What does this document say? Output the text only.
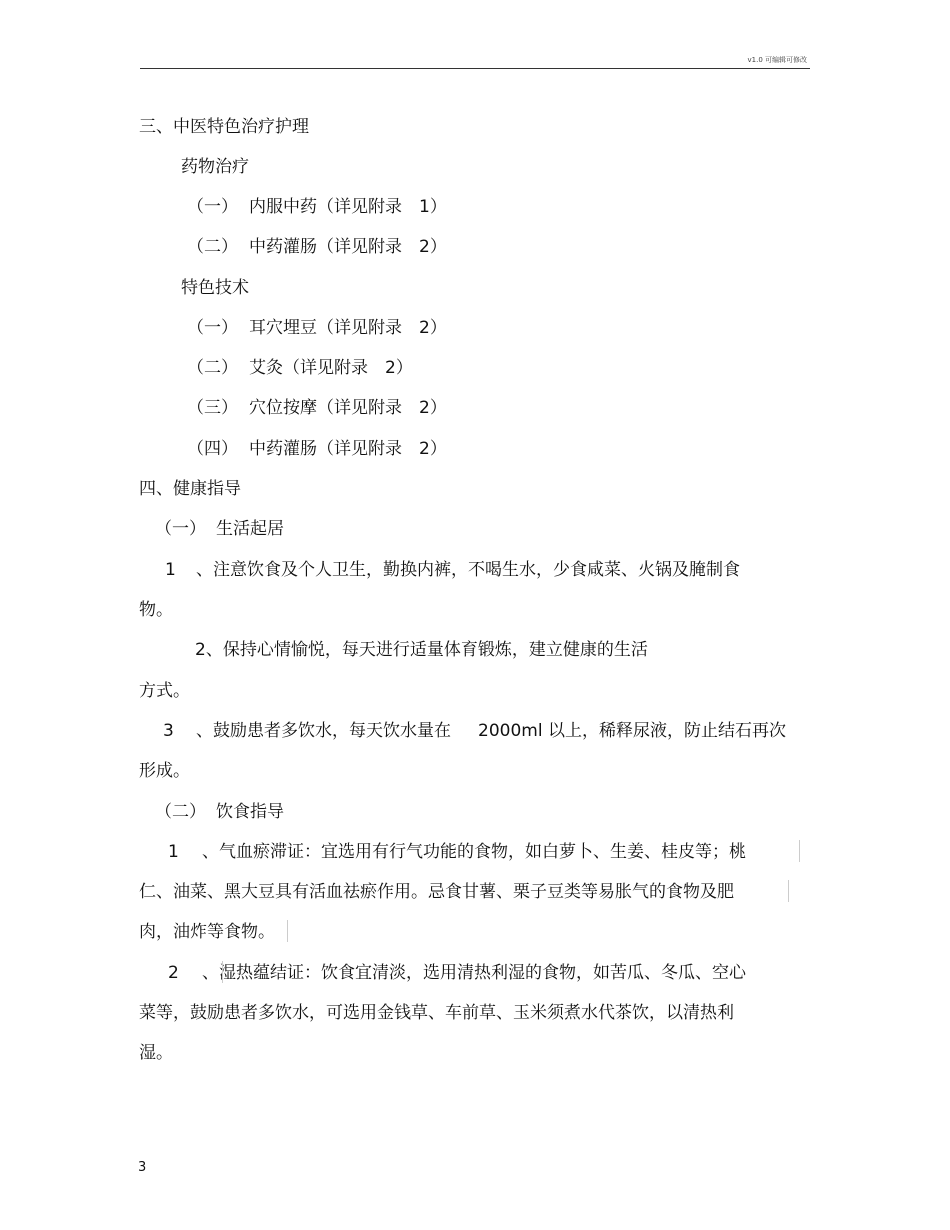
v1.0 可编辑可修改
三、中医特色治疗护理
药物治疗
（一） 内服中药（详见附录　1）
（二） 中药灌肠（详见附录　2）
特色技术
（一） 耳穴埋豆（详见附录　2）
（二） 艾灸（详见附录　2）
（三） 穴位按摩（详见附录　2）
（四） 中药灌肠（详见附录　2）
四、健康指导
（一） 生活起居
1 、注意饮食及个人卫生，勤换内裤，不喝生水，少食咸菜、火锅及腌制食
物。
2、保持心情愉悦，每天进行适量体育锻炼，建立健康的生活
方式。
3 、鼓励患者多饮水，每天饮水量在 2000ml 以上，稀释尿液，防止结石再次
形成。
（二） 饮食指导
1 、气血瘀滞证：宜选用有行气功能的食物，如白萝卜、生姜、桂皮等；桃
仁、油菜、黑大豆具有活血祛瘀作用。忌食甘薯、栗子豆类等易胀气的食物及肥
肉，油炸等食物。
2 、湿热蕴结证：饮食宜清淡，选用清热利湿的食物，如苦瓜、冬瓜、空心
菜等，鼓励患者多饮水，可选用金钱草、车前草、玉米须煮水代茶饮，以清热利
湿。
3
